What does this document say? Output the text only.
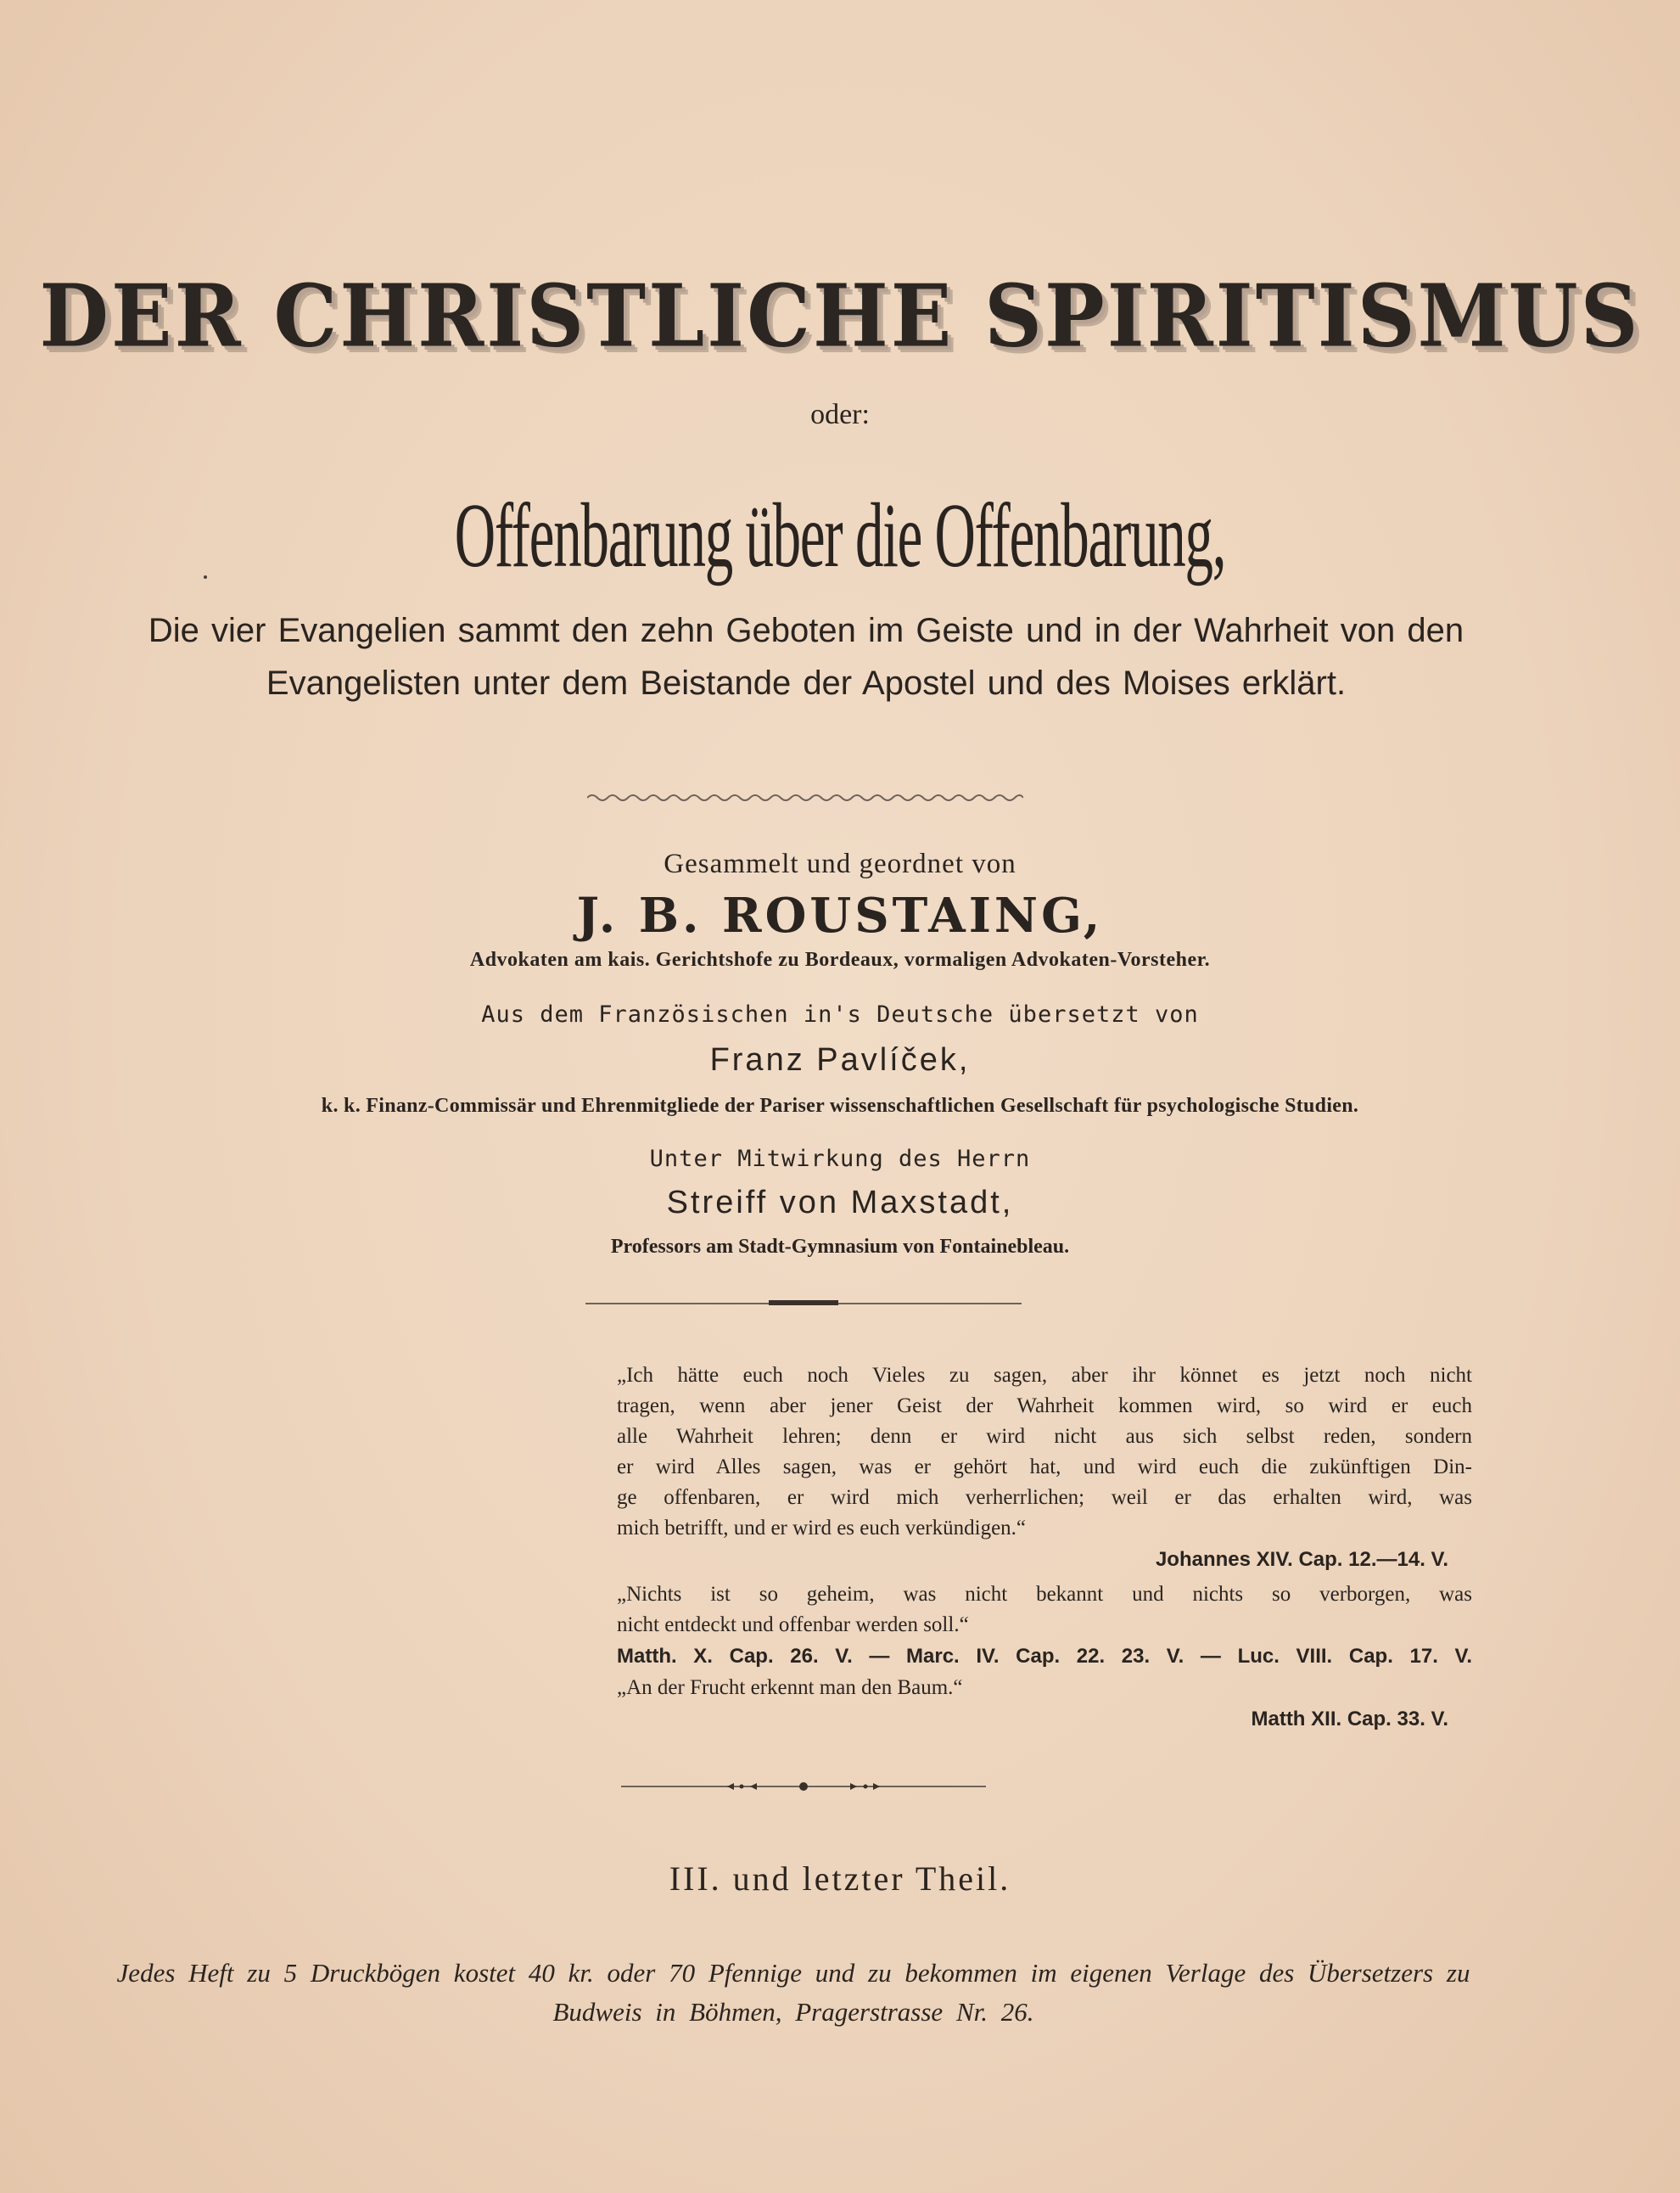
DER CHRISTLICHE SPIRITISMUS
oder:
Offenbarung über die Offenbarung,
Die vier Evangelien sammt den zehn Geboten im Geiste und in der Wahrheit von den Evangelisten unter dem Beistande der Apostel und des Moises erklärt.
Gesammelt und geordnet von
J. B. ROUSTAING,
Advokaten am kais. Gerichtshofe zu Bordeaux, vormaligen Advokaten-Vorsteher.
Aus dem Französischen in's Deutsche übersetzt von
Franz Pavlíček,
k. k. Finanz-Commissär und Ehrenmitgliede der Pariser wissenschaftlichen Gesellschaft für psychologische Studien.
Unter Mitwirkung des Herrn
Streiff von Maxstadt,
Professors am Stadt-Gymnasium von Fontainebleau.
„Ich hätte euch noch Vieles zu sagen, aber ihr könnet es jetzt noch nicht
tragen, wenn aber jener Geist der Wahrheit kommen wird, so wird er euch
alle Wahrheit lehren; denn er wird nicht aus sich selbst reden, sondern
er wird Alles sagen, was er gehört hat, und wird euch die zukünftigen Din-
ge offenbaren, er wird mich verherrlichen; weil er das erhalten wird, was
mich betrifft, und er wird es euch verkündigen.“
Johannes XIV. Cap. 12.—14. V.
„Nichts ist so geheim, was nicht bekannt und nichts so verborgen, was
nicht entdeckt und offenbar werden soll.“
Matth. X. Cap. 26. V. — Marc. IV. Cap. 22. 23. V. — Luc. VIII. Cap. 17. V.
„An der Frucht erkennt man den Baum.“
Matth XII. Cap. 33. V.
III. und letzter Theil.
Jedes Heft zu 5 Druckbögen kostet 40 kr. oder 70 Pfennige und zu bekommen im eigenen Verlage des Übersetzers zu Budweis in Böhmen, Pragerstrasse Nr. 26.
